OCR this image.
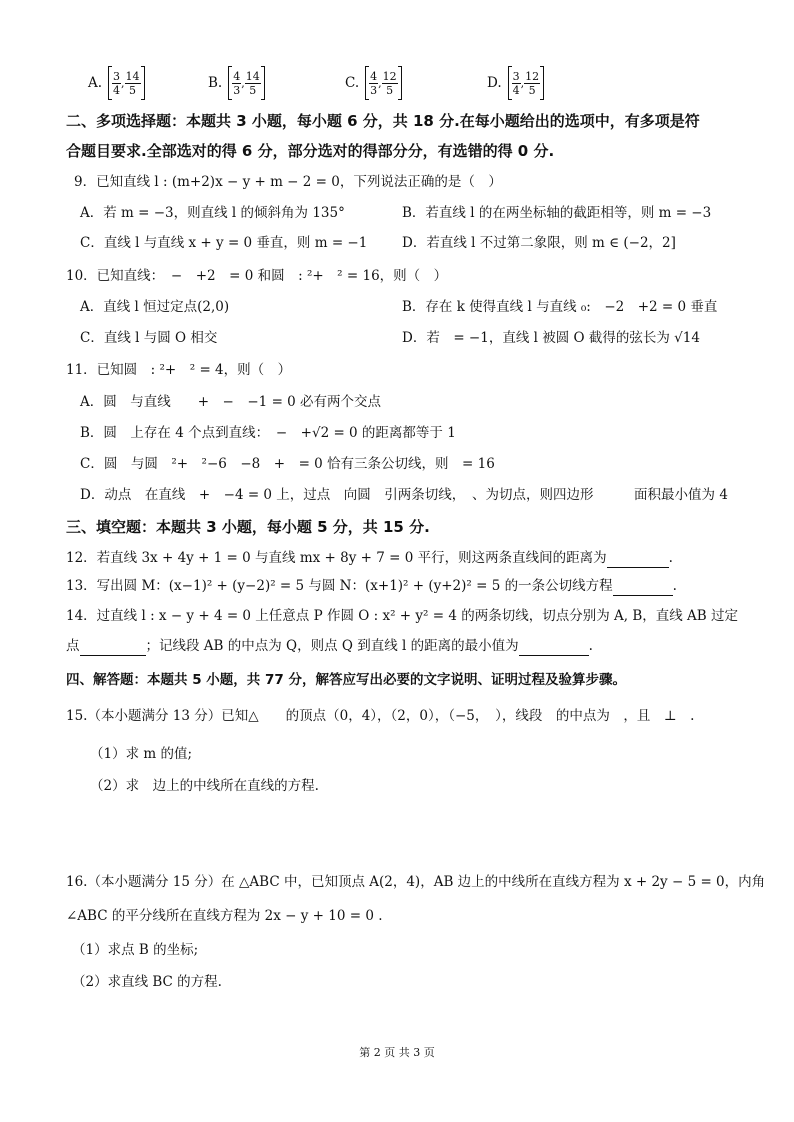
A. $\frac{3}{4}$ , $\frac{14}{5}$	B. $\frac{4}{3}$ , $\frac{14}{5}$	C. $\frac{4}{3}$ , $\frac{12}{5}$	D. $\frac{3}{4}$ , $\frac{12}{5}$
二、多项选择题：本题共 3 小题，每小题 6 分，共 18 分.在每小题给出的选项中，有多项是符
合题目要求.全部选对的得 6 分，部分选对的得部分分，有选错的得 0 分.
9．已知直线 l : (m+2)x − y + m − 2 = 0，下列说法正确的是（　）
A．若 m = −3，则直线 l 的倾斜角为 135°	B．若直线 l 的在两坐标轴的截距相等，则 m = −3
C．直线 l 与直线 x + y = 0 垂直，则 m = −1	D．若直线 l 不过第二象限，则 m ∈ (−2，2]
10．已知直线：　−　+2　= 0 和圆　: ²+　² = 16，则（　）
A．直线 l 恒过定点(2,0)	B．存在 k 使得直线 l 与直线 ₀:　−2　+2 = 0 垂直
C．直线 l 与圆 O 相交	D．若　= −1，直线 l 被圆 O 截得的弦长为 √14
11．已知圆　: ²+　² = 4，则（　）
A．圆　与直线　　+　−　−1 = 0 必有两个交点
B．圆　上存在 4 个点到直线：　−　+√2 = 0 的距离都等于 1
C．圆　与圆　²+　²−6　−8　+　= 0 恰有三条公切线，则　= 16
D．动点　在直线　+　−4 = 0 上，过点　向圆　引两条切线，　、为切点，则四边形　　　面积最小值为 4
三、填空题：本题共 3 小题，每小题 5 分，共 15 分.
12．若直线 3x + 4y + 1 = 0 与直线 mx + 8y + 7 = 0 平行，则这两条直线间的距离为	.
13．写出圆 M：(x−1)² + (y−2)² = 5 与圆 N：(x+1)² + (y+2)² = 5 的一条公切线方程	.
14．过直线 l : x − y + 4 = 0 上任意点 P 作圆 O : x² + y² = 4 的两条切线，切点分别为 A, B，直线 AB 过定
点	；记线段 AB 的中点为 Q，则点 Q 到直线 l 的距离的最小值为	.
四、解答题：本题共 5 小题，共 77 分，解答应写出必要的文字说明、证明过程及验算步骤。
15.（本小题满分 13 分）已知△　　的顶点（0，4），（2，0），（−5，　），线段　的中点为　，且　⊥　.
（1）求 m 的值;
（2）求　边上的中线所在直线的方程.
16.（本小题满分 15 分）在 △ABC 中，已知顶点 A(2，4)，AB 边上的中线所在直线方程为 x + 2y − 5 = 0，内角
∠ABC 的平分线所在直线方程为 2x − y + 10 = 0 .
（1）求点 B 的坐标;
（2）求直线 BC 的方程.
第 2 页 共 3 页
